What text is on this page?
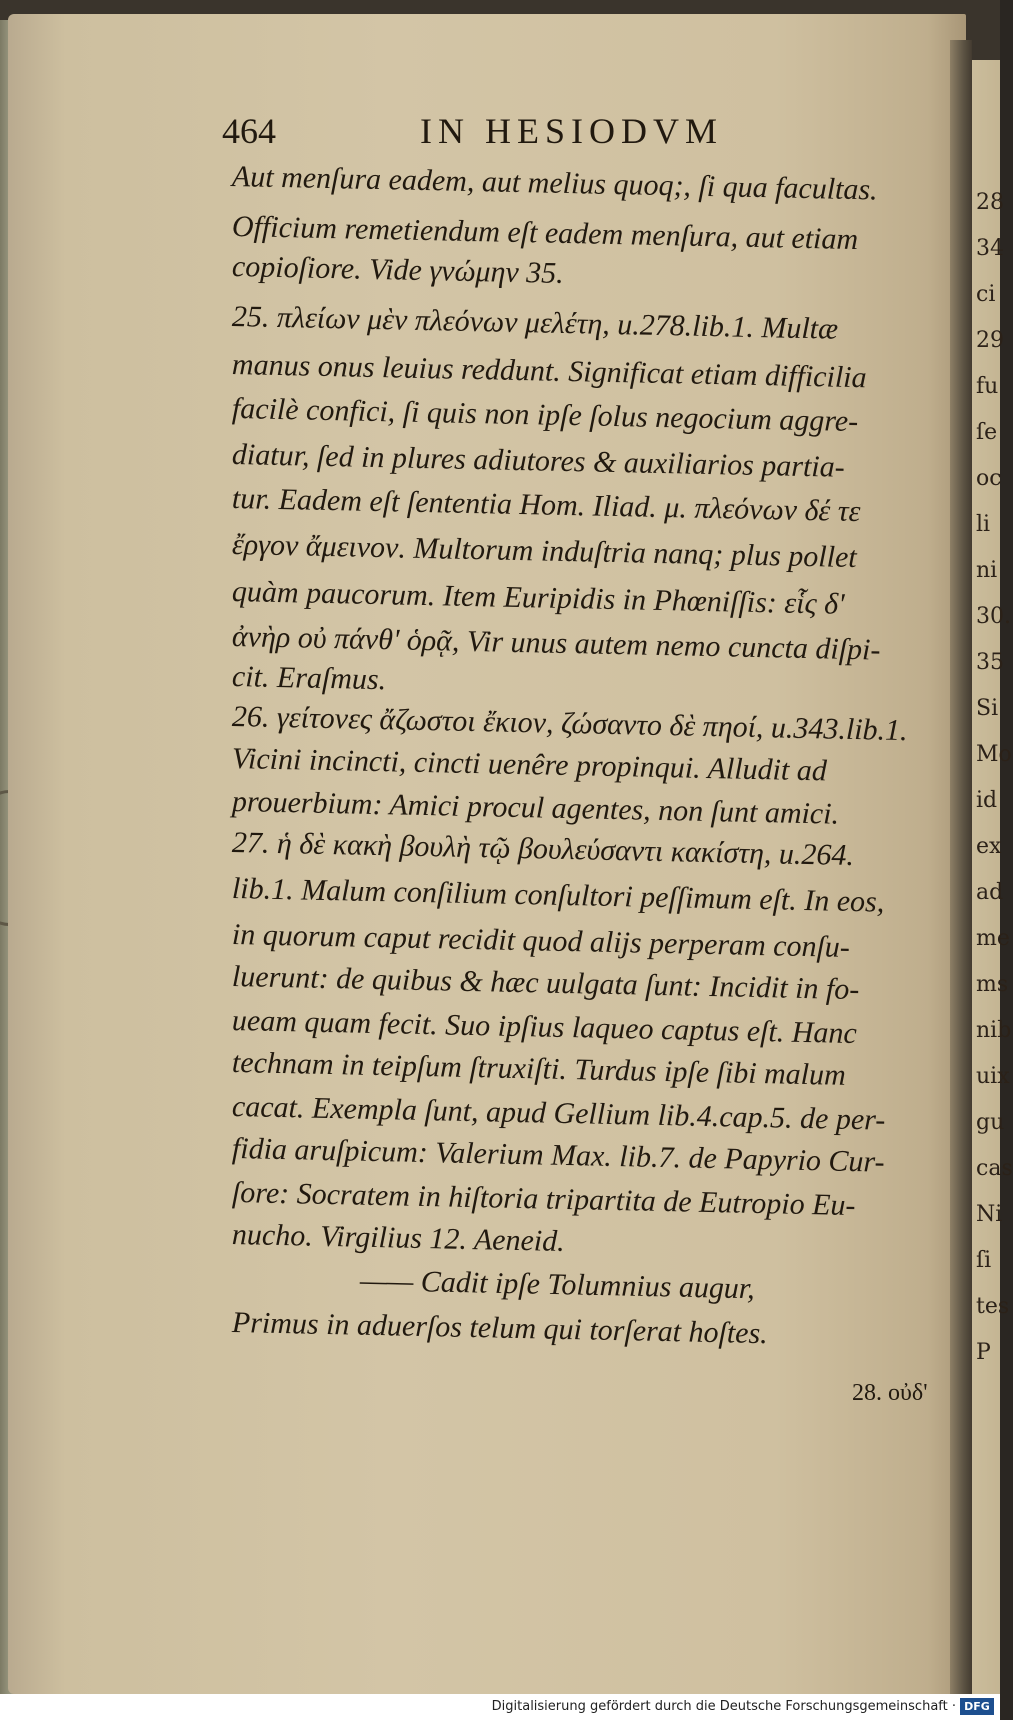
28
34
ci
29
fu
ſe
oc
li
ni
30.
35
Si
Mo
id
ex
ad
me
ms
nib
uix
gu
cas
Ni
ſi
tes
P
464	IN HESIODVM
Aut menſura eadem, aut melius quoq;, ſi qua facultas.
Officium remetiendum eſt eadem menſura, aut etiam
copioſiore. Vide γνώμην 35.
25. πλείων μὲν πλεόνων μελέτη, u.278.lib.1. Multæ
manus onus leuius reddunt. Significat etiam difficilia
facilè confici, ſi quis non ipſe ſolus negocium aggre-
diatur, ſed in plures adiutores & auxiliarios partia-
tur. Eadem eſt ſententia Hom. Iliad. μ. πλεόνων δέ τε
ἔργον ἄμεινον. Multorum induſtria nanq; plus pollet
quàm paucorum. Item Euripidis in Phœniſſis: εἷς δ'
ἀνὴρ οὐ πάνθ' ὁρᾷ, Vir unus autem nemo cuncta diſpi-
cit. Eraſmus.
26. γείτονες ἄζωστοι ἔκιον, ζώσαντο δὲ πηοί, u.343.lib.1.
Vicini incincti, cincti uenêre propinqui. Alludit ad
prouerbium: Amici procul agentes, non ſunt amici.
27. ἡ δὲ κακὴ βουλὴ τῷ βουλεύσαντι κακίστη, u.264.
lib.1. Malum conſilium conſultori peſſimum eſt. In eos,
in quorum caput recidit quod alijs perperam conſu-
luerunt: de quibus & hæc uulgata ſunt: Incidit in fo-
ueam quam fecit. Suo ipſius laqueo captus eſt. Hanc
technam in teipſum ſtruxiſti. Turdus ipſe ſibi malum
cacat. Exempla ſunt, apud Gellium lib.4.cap.5. de per-
fidia aruſpicum: Valerium Max. lib.7. de Papyrio Cur-
ſore: Socratem in hiſtoria tripartita de Eutropio Eu-
nucho. Virgilius 12. Aeneid.
—— Cadit ipſe Tolumnius augur,
Primus in aduerſos telum qui torſerat hoſtes.
28. οὐδ'
Digitalisierung gefördert durch die Deutsche Forschungsgemeinschaft · DFG
